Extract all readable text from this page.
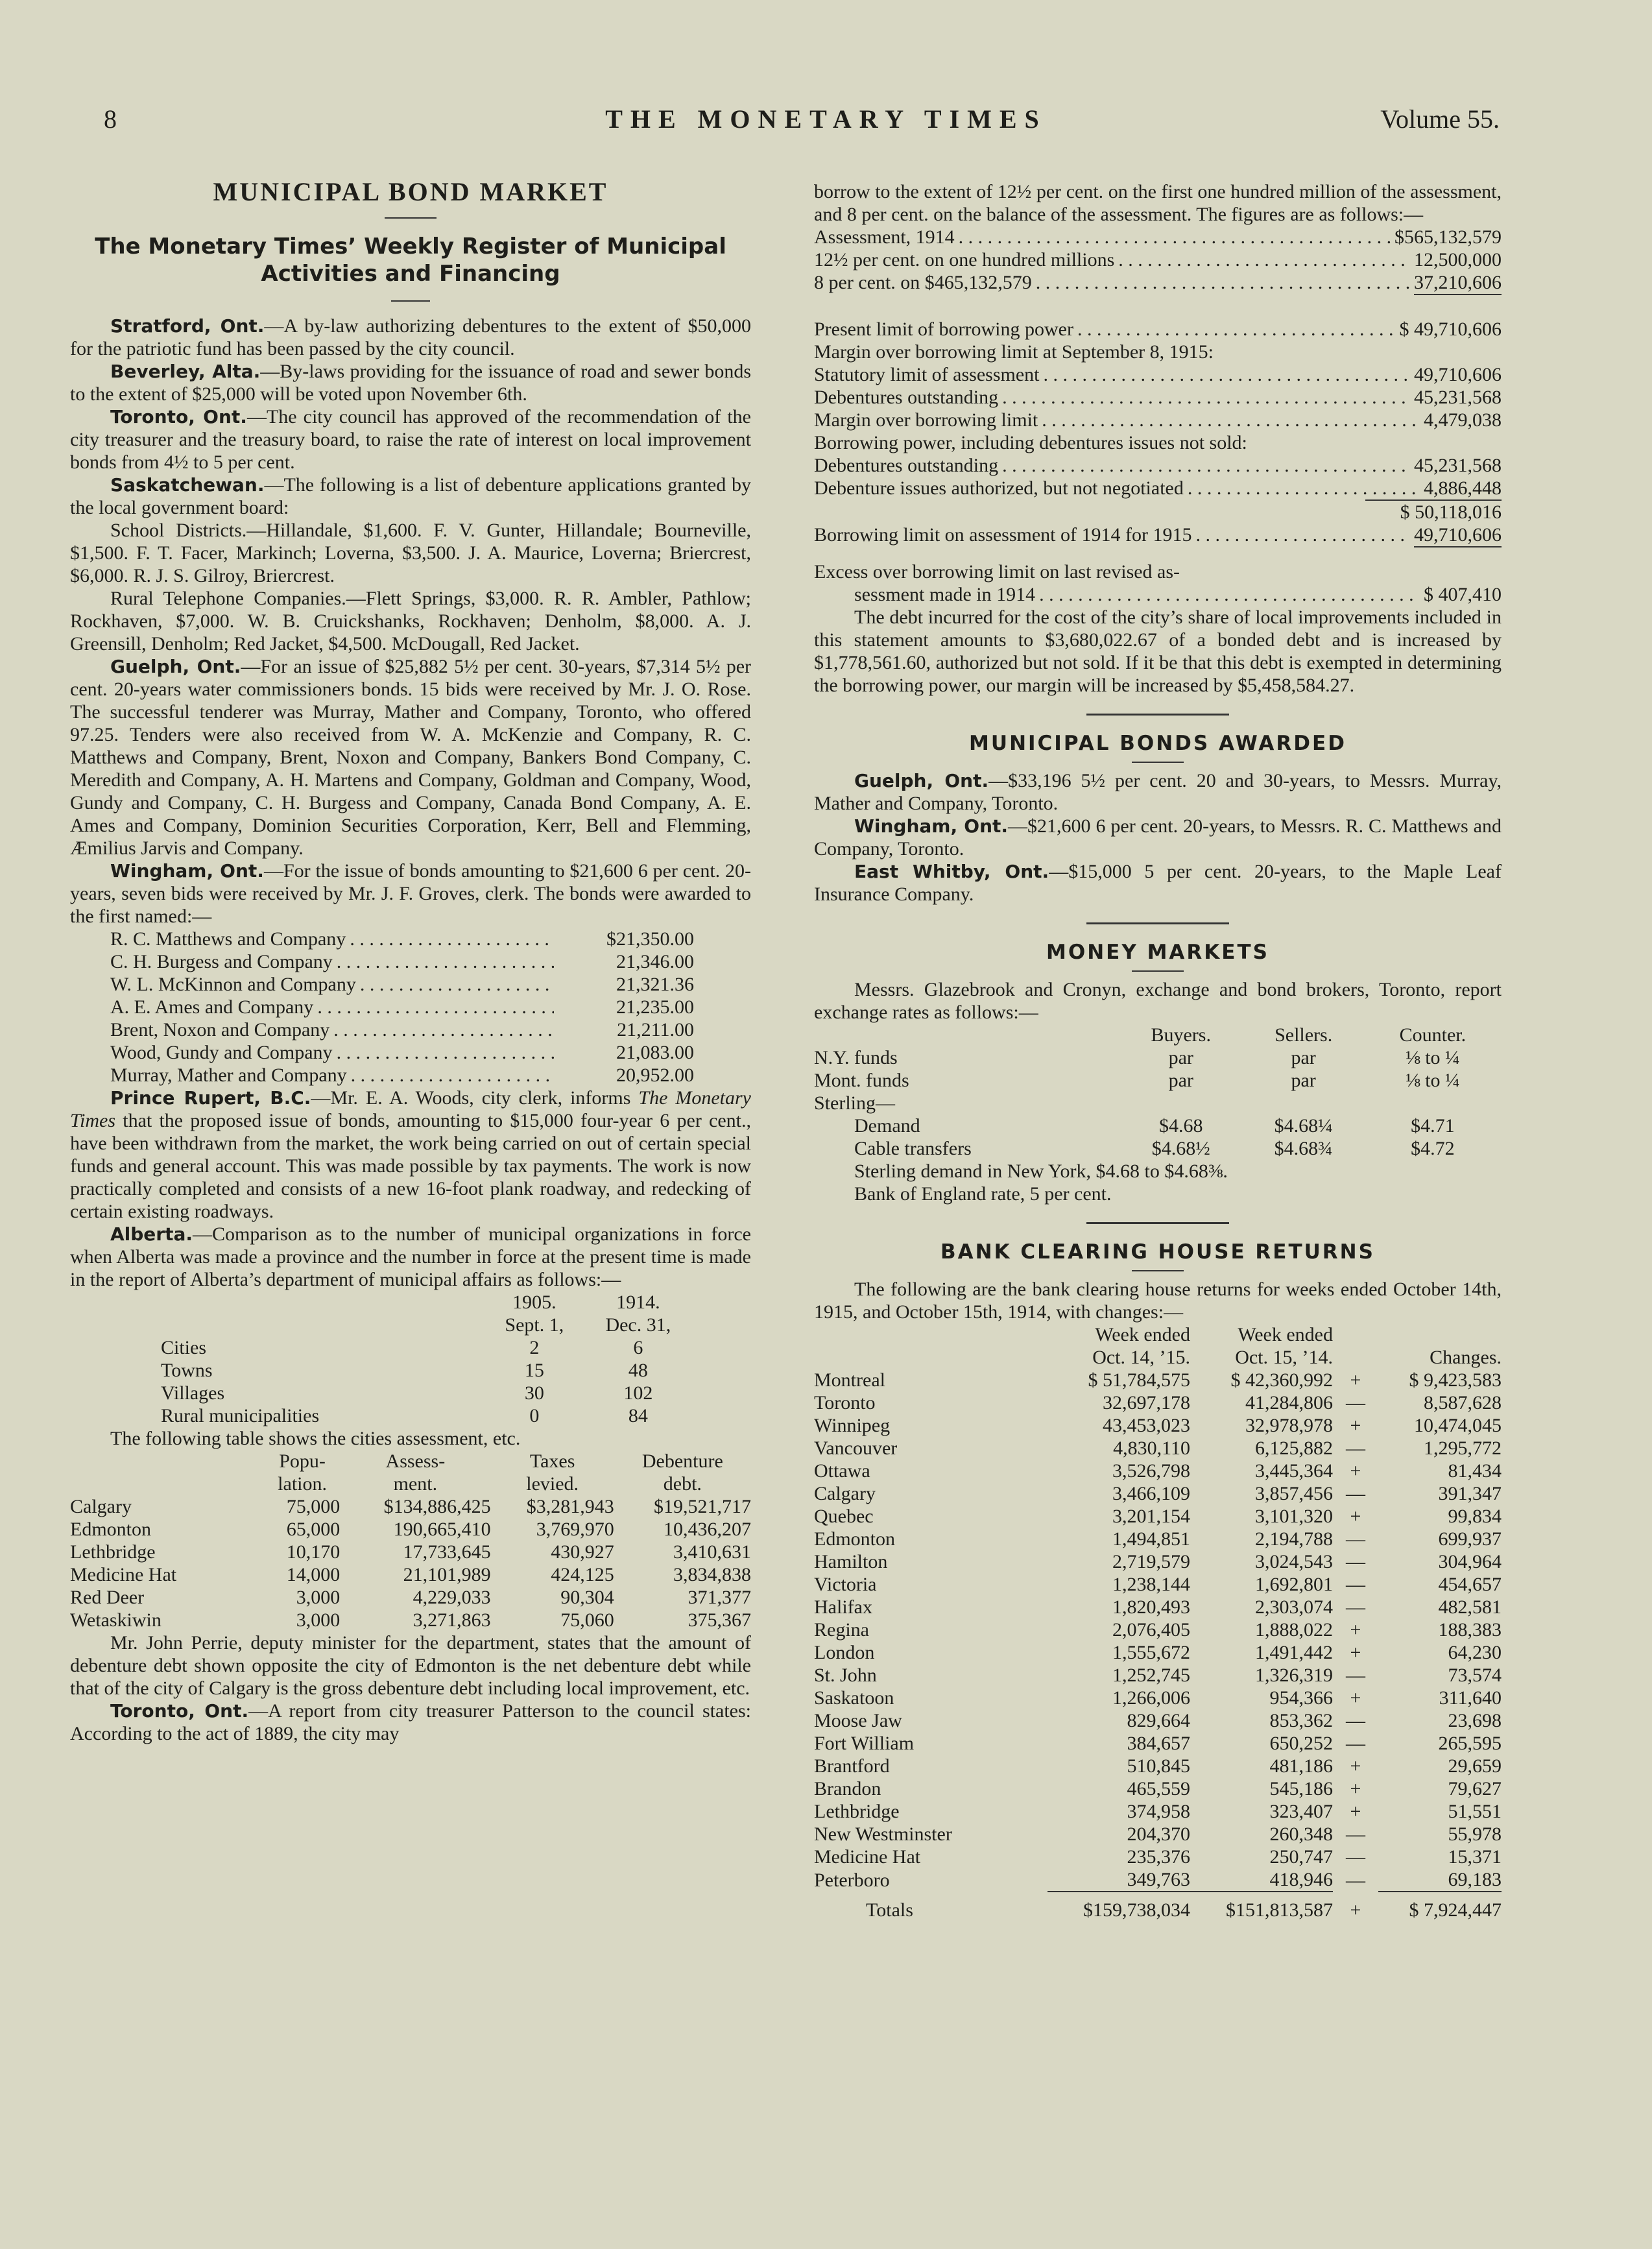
8	THE MONETARY TIMES	Volume 55.
MUNICIPAL BOND MARKET
The Monetary Times’ Weekly Register of Municipal Activities and Financing

Stratford, Ont.—A by-law authorizing debentures to the extent of $50,000 for the patriotic fund has been passed by the city council.

Beverley, Alta.—By-laws providing for the issuance of road and sewer bonds to the extent of $25,000 will be voted upon November 6th.

Toronto, Ont.—The city council has approved of the recommendation of the city treasurer and the treasury board, to raise the rate of interest on local improvement bonds from 4½ to 5 per cent.

Saskatchewan.—The following is a list of debenture applications granted by the local government board:

School Districts.—Hillandale, $1,600. F. V. Gunter, Hillandale; Bourneville, $1,500. F. T. Facer, Markinch; Loverna, $3,500. J. A. Maurice, Loverna; Briercrest, $6,000. R. J. S. Gilroy, Briercrest.

Rural Telephone Companies.—Flett Springs, $3,000. R. R. Ambler, Pathlow; Rockhaven, $7,000. W. B. Cruickshanks, Rockhaven; Denholm, $8,000. A. J. Greensill, Denholm; Red Jacket, $4,500. McDougall, Red Jacket.

Guelph, Ont.—For an issue of $25,882 5½ per cent. 30-years, $7,314 5½ per cent. 20-years water commissioners bonds. 15 bids were received by Mr. J. O. Rose. The successful tenderer was Murray, Mather and Company, Toronto, who offered 97.25. Tenders were also received from W. A. McKenzie and Company, R. C. Matthews and Company, Brent, Noxon and Company, Bankers Bond Company, C. Meredith and Company, A. H. Martens and Company, Goldman and Company, Wood, Gundy and Company, C. H. Burgess and Company, Canada Bond Company, A. E. Ames and Company, Dominion Securities Corporation, Kerr, Bell and Flemming, Æmilius Jarvis and Company.

Wingham, Ont.—For the issue of bonds amounting to $21,600 6 per cent. 20-years, seven bids were received by Mr. J. F. Groves, clerk. The bonds were awarded to the first named:—

R. C. Matthews and Company . . .	$21,350.00
C. H. Burgess and Company . . .	21,346.00
W. L. McKinnon and Company . . .	21,321.36
A. E. Ames and Company . . .	21,235.00
Brent, Noxon and Company . . .	21,211.00
Wood, Gundy and Company . . .	21,083.00
Murray, Mather and Company . . .	20,952.00

Prince Rupert, B.C.—Mr. E. A. Woods, city clerk, informs The Monetary Times that the proposed issue of bonds, amounting to $15,000 four-year 6 per cent., have been withdrawn from the market, the work being carried on out of certain special funds and general account. This was made possible by tax payments. The work is now practically completed and consists of a new 16-foot plank roadway, and redecking of certain existing roadways.

Alberta.—Comparison as to the number of municipal organizations in force when Alberta was made a province and the number in force at the present time is made in the report of Alberta’s department of municipal affairs as follows:—

	1905.	1914.
	Sept. 1,	Dec. 31,
Cities	2	6
Towns	15	48
Villages	30	102
Rural municipalities	0	84

The following table shows the cities assessment, etc.

	Popu-	Assess-	Taxes	Debenture
	lation.	ment.	levied.	debt.
Calgary	75,000	$134,886,425	$3,281,943	$19,521,717
Edmonton	65,000	190,665,410	3,769,970	10,436,207
Lethbridge	10,170	17,733,645	430,927	3,410,631
Medicine Hat	14,000	21,101,989	424,125	3,834,838
Red Deer	3,000	4,229,033	90,304	371,377
Wetaskiwin	3,000	3,271,863	75,060	375,367

Mr. John Perrie, deputy minister for the department, states that the amount of debenture debt shown opposite the city of Edmonton is the net debenture debt while that of the city of Calgary is the gross debenture debt including local improvement, etc.

Toronto, Ont.—A report from city treasurer Patterson to the council states: According to the act of 1889, the city may

borrow to the extent of 12½ per cent. on the first one hundred million of the assessment, and 8 per cent. on the balance of the assessment. The figures are as follows:—

Assessment, 1914 . . .	$565,132,579
12½ per cent. on one hundred millions . . .	12,500,000
8 per cent. on $465,132,579 . . .	37,210,606
Present limit of borrowing power . . .	$ 49,710,606

Margin over borrowing limit at September 8, 1915:

Statutory limit of assessment . . .	49,710,606
Debentures outstanding . . .	45,231,568
Margin over borrowing limit . . .	4,479,038

Borrowing power, including debentures issues not sold:

Debentures outstanding . . .	45,231,568
Debenture issues authorized, but not negotiated . . .	4,886,448
$ 50,118,016
Borrowing limit on assessment of 1914 for 1915 . . .	49,710,606

Excess over borrowing limit on last revised as-

sessment made in 1914 . . .	$ 407,410

The debt incurred for the cost of the city’s share of local improvements included in this statement amounts to $3,680,022.67 of a bonded debt and is increased by $1,778,561.60, authorized but not sold. If it be that this debt is exempted in determining the borrowing power, our margin will be increased by $5,458,584.27.

MUNICIPAL BONDS AWARDED

Guelph, Ont.—$33,196 5½ per cent. 20 and 30-years, to Messrs. Murray, Mather and Company, Toronto.

Wingham, Ont.—$21,600 6 per cent. 20-years, to Messrs. R. C. Matthews and Company, Toronto.

East Whitby, Ont.—$15,000 5 per cent. 20-years, to the Maple Leaf Insurance Company.

MONEY MARKETS

Messrs. Glazebrook and Cronyn, exchange and bond brokers, Toronto, report exchange rates as follows:—

	Buyers.	Sellers.	Counter.
N.Y. funds	par	par	⅛ to ¼
Mont. funds	par	par	⅛ to ¼
Sterling—			
Demand	$4.68	$4.68¼	$4.71
Cable transfers	$4.68½	$4.68¾	$4.72
Sterling demand in New York, $4.68 to $4.68⅜.			
Bank of England rate, 5 per cent.			
BANK CLEARING HOUSE RETURNS

The following are the bank clearing house returns for weeks ended October 14th, 1915, and October 15th, 1914, with changes:—

	Week ended	Week ended		
	Oct. 14, ’15.	Oct. 15, ’14.		Changes.
Montreal	$ 51,784,575	$ 42,360,992	+	$ 9,423,583
Toronto	32,697,178	41,284,806	—	8,587,628
Winnipeg	43,453,023	32,978,978	+	10,474,045
Vancouver	4,830,110	6,125,882	—	1,295,772
Ottawa	3,526,798	3,445,364	+	81,434
Calgary	3,466,109	3,857,456	—	391,347
Quebec	3,201,154	3,101,320	+	99,834
Edmonton	1,494,851	2,194,788	—	699,937
Hamilton	2,719,579	3,024,543	—	304,964
Victoria	1,238,144	1,692,801	—	454,657
Halifax	1,820,493	2,303,074	—	482,581
Regina	2,076,405	1,888,022	+	188,383
London	1,555,672	1,491,442	+	64,230
St. John	1,252,745	1,326,319	—	73,574
Saskatoon	1,266,006	954,366	+	311,640
Moose Jaw	829,664	853,362	—	23,698
Fort William	384,657	650,252	—	265,595
Brantford	510,845	481,186	+	29,659
Brandon	465,559	545,186	+	79,627
Lethbridge	374,958	323,407	+	51,551
New Westminster	204,370	260,348	—	55,978
Medicine Hat	235,376	250,747	—	15,371
Peterboro	349,763	418,946	—	69,183
Totals	$159,738,034	$151,813,587	+	$ 7,924,447
